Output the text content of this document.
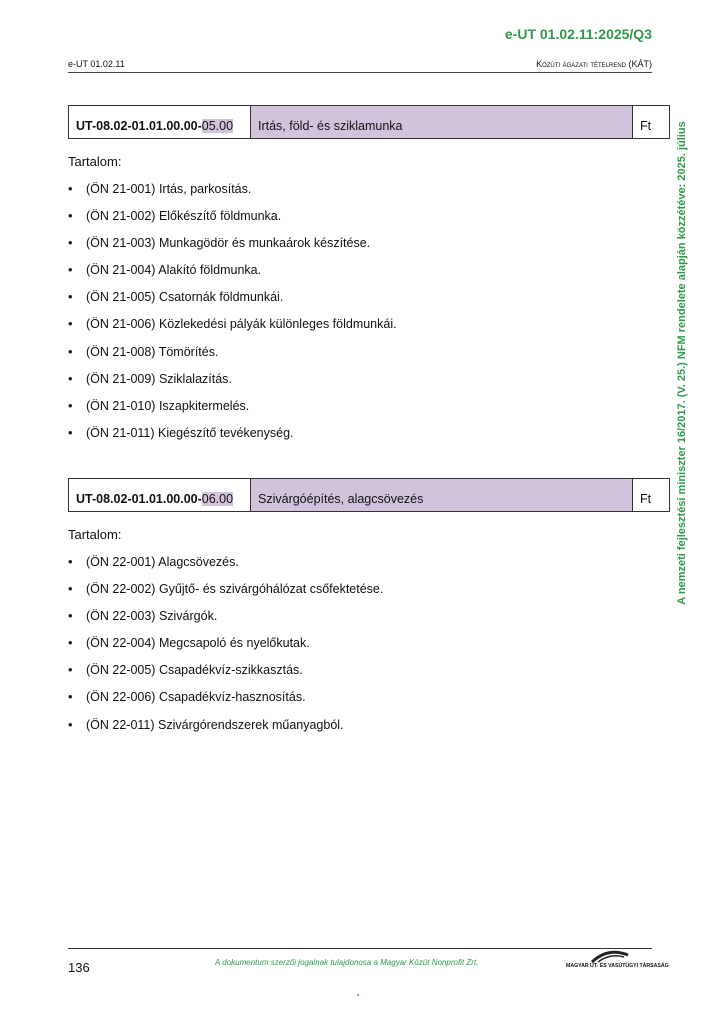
e-UT 01.02.11:2025/Q3
e-UT 01.02.11	Közúti ágazati tételrend (KÁT)
A nemzeti fejlesztési miniszter 16/2017. (V. 25.) NFM rendelete alapján közzétéve: 2025. július
UT-08.02-01.01.00.00- 05.00	Irtás, föld- és sziklamunka	Ft
Tartalom:
• (ÖN 21-001) Irtás, parkosítás.
• (ÖN 21-002) Előkészítő földmunka.
• (ÖN 21-003) Munkagödör és munkaárok készítése.
• (ÖN 21-004) Alakító földmunka.
• (ÖN 21-005) Csatornák földmunkái.
• (ÖN 21-006) Közlekedési pályák különleges földmunkái.
• (ÖN 21-008) Tömörítés.
• (ÖN 21-009) Sziklalazítás.
• (ÖN 21-010) Iszapkitermelés.
• (ÖN 21-011) Kiegészítő tevékenység.
UT-08.02-01.01.00.00- 06.00	Szivárgóépítés, alagcsövezés	Ft
Tartalom:
• (ÖN 22-001) Alagcsövezés.
• (ÖN 22-002) Gyűjtő- és szivárgóhálózat csőfektetése.
• (ÖN 22-003) Szivárgók.
• (ÖN 22-004) Megcsapoló és nyelőkutak.
• (ÖN 22-005) Csapadékvíz-szikkasztás.
• (ÖN 22-006) Csapadékvíz-hasznosítás.
• (ÖN 22-011) Szivárgórendszerek műanyagból.
136	A dokumentum szerzői jogainak tulajdonosa a Magyar Közút Nonprofit Zrt.	MAGYAR ÚT- ÉS VASÚTÜGYI TÁRSASÁG
